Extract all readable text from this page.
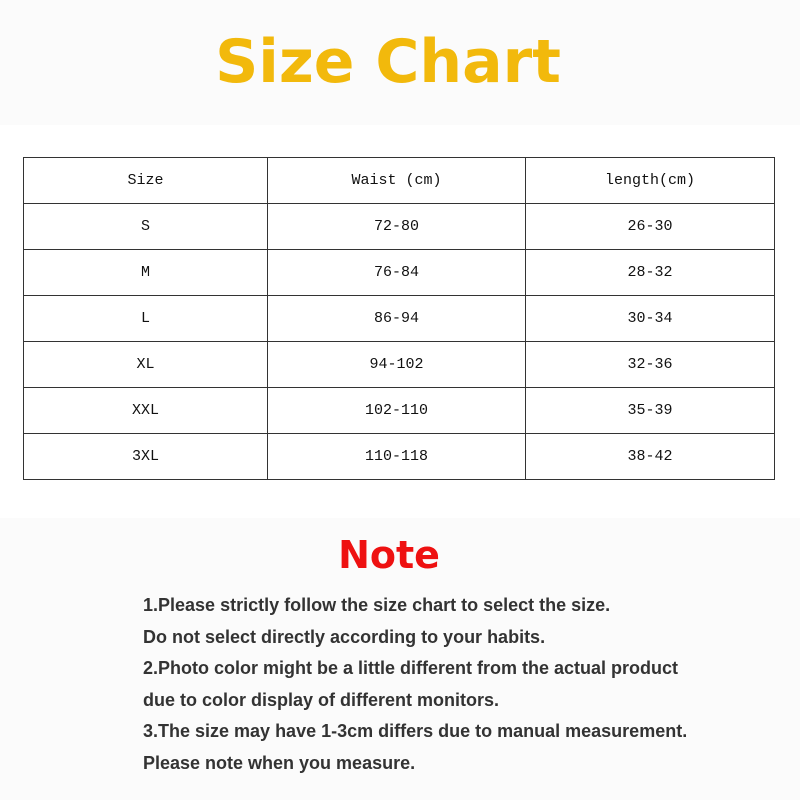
Size Chart
Size	Waist (cm)	length(cm)
S	72-80	26-30
M	76-84	28-32
L	86-94	30-34
XL	94-102	32-36
XXL	102-110	35-39
3XL	110-118	38-42
Note
1.Please strictly follow the size chart to select the size.
Do not select directly according to your habits.
2.Photo color might be a little different from the actual product
due to color display of different monitors.
3.The size may have 1-3cm differs due to manual measurement.
Please note when you measure.
